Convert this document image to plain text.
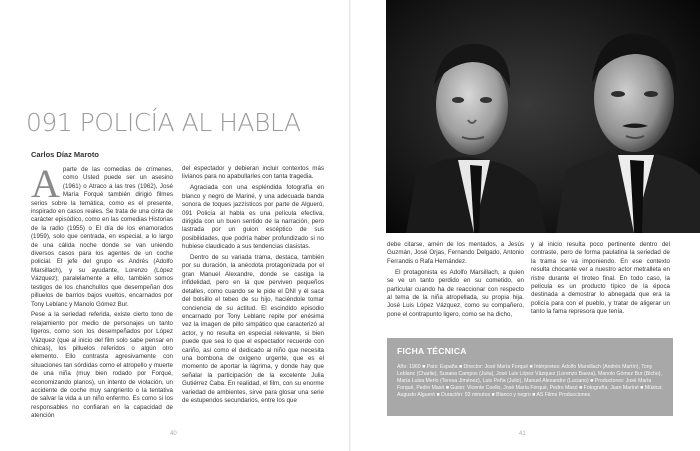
091 POLICÍA AL HABLA
Carlos Díaz Maroto

Aparte de las comedias de crímenes, como Usted puede ser un asesino (1961) o Atraco a las tres (1962), José María Forqué también dirigió filmes serios sobre la temática, como es el presente, inspirado en casos reales. Se trata de una cinta de carácter episódico, como en las comedias Historias de la radio (1955) o El día de los enamorados (1959), solo que centrada, en especial, a lo largo de una cálida noche donde se van uniendo diversos casos para los agentes de un coche policial. El jefe del grupo es Andrés (Adolfo Marsillach), y su ayudante, Lorenzo (López Vázquez); paralelamente a ello, también somos testigos de los chanchullos que desempeñan dos pilluelos de barrios bajos vueltos, encarnados por Tony Leblanc y Manolo Gómez Bur.

Pese a la seriedad referida, existe cierto tono de relajamiento por medio de personajes un tanto ligeros, como son los desempeñados por López Vázquez (que al inicio del film solo sabe pensar en chicas), los pilluelos referidos o algún otro elemento. Ello contrasta agresivamente con situaciones tan sórdidas como el atropello y muerte de una niña (muy bien rodado por Forqué, economizando planos), un intento de violación, un accidente de coche muy sangriento o la tentativa de salvar la vida a un niño enfermo. Es como si los responsables no confiaran en la capacidad de atención

del espectador y debieran incluir contextos más livianos para no apabullarles con tanta tragedia.

Agraciada con una espléndida fotografía en blanco y negro de Mariné, y una adecuada banda sonora de toques jazzísticos por parte de Algueró, 091 Policía al habla es una película efectiva, dirigida con un buen sentido de la narración, pero lastrada por un guion escéptico de sus posibilidades, que podría haber profundizado si no hubiese claudicado a sus tendencias clasistas.

Dentro de su variada trama, destaca, también por su duración, la anécdota protagonizada por el gran Manuel Alexandre, donde se castiga la infidelidad, pero en la que perviven pequeños detalles, como cuando se le pide el DNI y él saca del bolsillo el tebeo de su hijo, haciéndole tomar conciencia de su actitud. El escindido episodio encarnado por Tony Leblanc repite por enésima vez la imagen de pillo simpático que caracterizó al actor, y no resulta en especial relevante, si bien puede que sea lo que el espectador recuerde con cariño, así como el dedicado al niño que necesita una bombona de oxígeno urgente, que es el momento de aportar la lágrima, y donde hay que señalar la participación de la excelente Julia Gutiérrez Caba. En realidad, el film, con su enorme variedad de ambientes, sirve para glosar una serie de estupendos secundarios, entre los que

40

debe citarse, amén de los mentados, a Jesús Guzmán, José Orjas, Fernando Delgado, Antonio Ferrandis o Rafa Hernández.

El protagonista es Adolfo Marsillach, a quien se ve un tanto perdido en su cometido, en particular cuando ha de reaccionar con respecto al tema de la niña atropellada, su propia hija. José Luis López Vázquez, como su compañero, pone el contrapunto ligero, como se ha dicho,

y al inicio resulta poco pertinente dentro del contraste, pero de forma paulatina la seriedad de la trama se va imponiendo. En ese contexto resulta chocante ver a nuestro actor metralleta en ristre durante el tiroteo final. En todo caso, la película es un producto típico de la época destinada a demostrar lo abnegada que era la policía para con el pueblo, y tratar de aligerar un tanto la fama represora que tenía.

FICHA TÉCNICA
Año: 1960 ■ País: España ■ Director: José María Forqué ■ Intérpretes: Adolfo Marsillach (Andrés Martín), Tony Leblanc (Charlie), Susana Campos (Julia), José Luis López Vázquez (Lorenzo Baeza), Manolo Gómez Bur (Bicho), María Luisa Merlo (Teresa Jiménez), Luis Peña (Julio), Manuel Alexandre (Luciano) ■ Productores: José María Forqué, Pedro Masó ■ Guion: Vicente Coello, José María Forqué, Pedro Masó ■ Fotografía: Juan Mariné ■ Música: Augusto Algueró ■ Duración: 93 minutos ■ Blanco y negro ■ AS Films Producciones
41
